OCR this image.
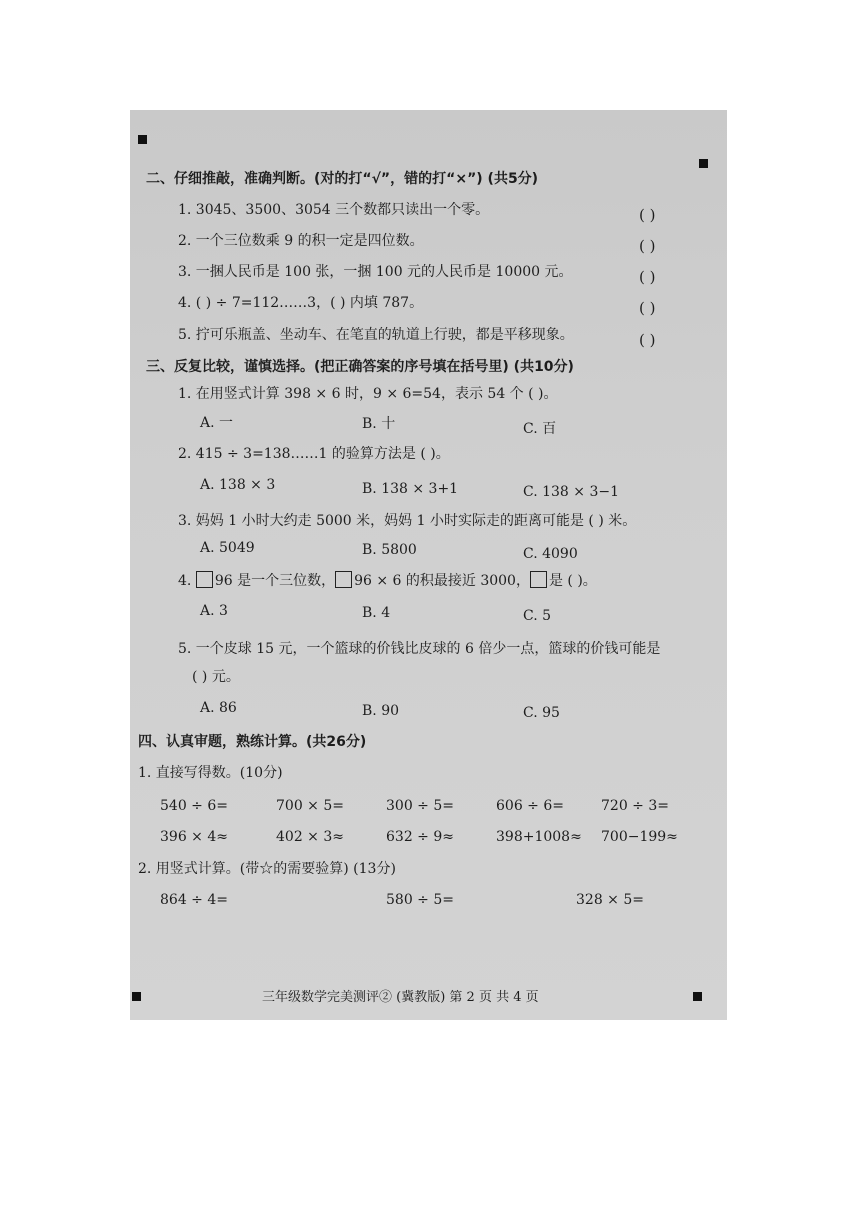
二、仔细推敲，准确判断。(对的打“√”，错的打“×”) (共5分)
1. 3045、3500、3054 三个数都只读出一个零。	( )
2. 一个三位数乘 9 的积一定是四位数。	( )
3. 一捆人民币是 100 张，一捆 100 元的人民币是 10000 元。	( )
4. ( ) ÷ 7=112……3，( ) 内填 787。	( )
5. 拧可乐瓶盖、坐动车、在笔直的轨道上行驶，都是平移现象。	( )
三、反复比较，谨慎选择。(把正确答案的序号填在括号里) (共10分)
1. 在用竖式计算 398 × 6 时，9 × 6=54，表示 54 个 ( )。
A. 一	B. 十	C. 百
2. 415 ÷ 3=138……1 的验算方法是 ( )。
A. 138 × 3	B. 138 × 3+1	C. 138 × 3−1
3. 妈妈 1 小时大约走 5000 米，妈妈 1 小时实际走的距离可能是 ( ) 米。
A. 5049	B. 5800	C. 4090
4. 96 是一个三位数， 96 × 6 的积最接近 3000， 是 ( )。
A. 3	B. 4	C. 5
5. 一个皮球 15 元，一个篮球的价钱比皮球的 6 倍少一点，篮球的价钱可能是
( ) 元。
A. 86	B. 90	C. 95
四、认真审题，熟练计算。(共26分)
1. 直接写得数。(10分)
540 ÷ 6=	700 × 5=	300 ÷ 5=	606 ÷ 6=	720 ÷ 3=
396 × 4≈	402 × 3≈	632 ÷ 9≈	398+1008≈ 700−199≈
2. 用竖式计算。(带☆的需要验算) (13分)
864 ÷ 4=	580 ÷ 5=	328 × 5=
三年级数学完美测评② (冀教版) 第 2 页 共 4 页
